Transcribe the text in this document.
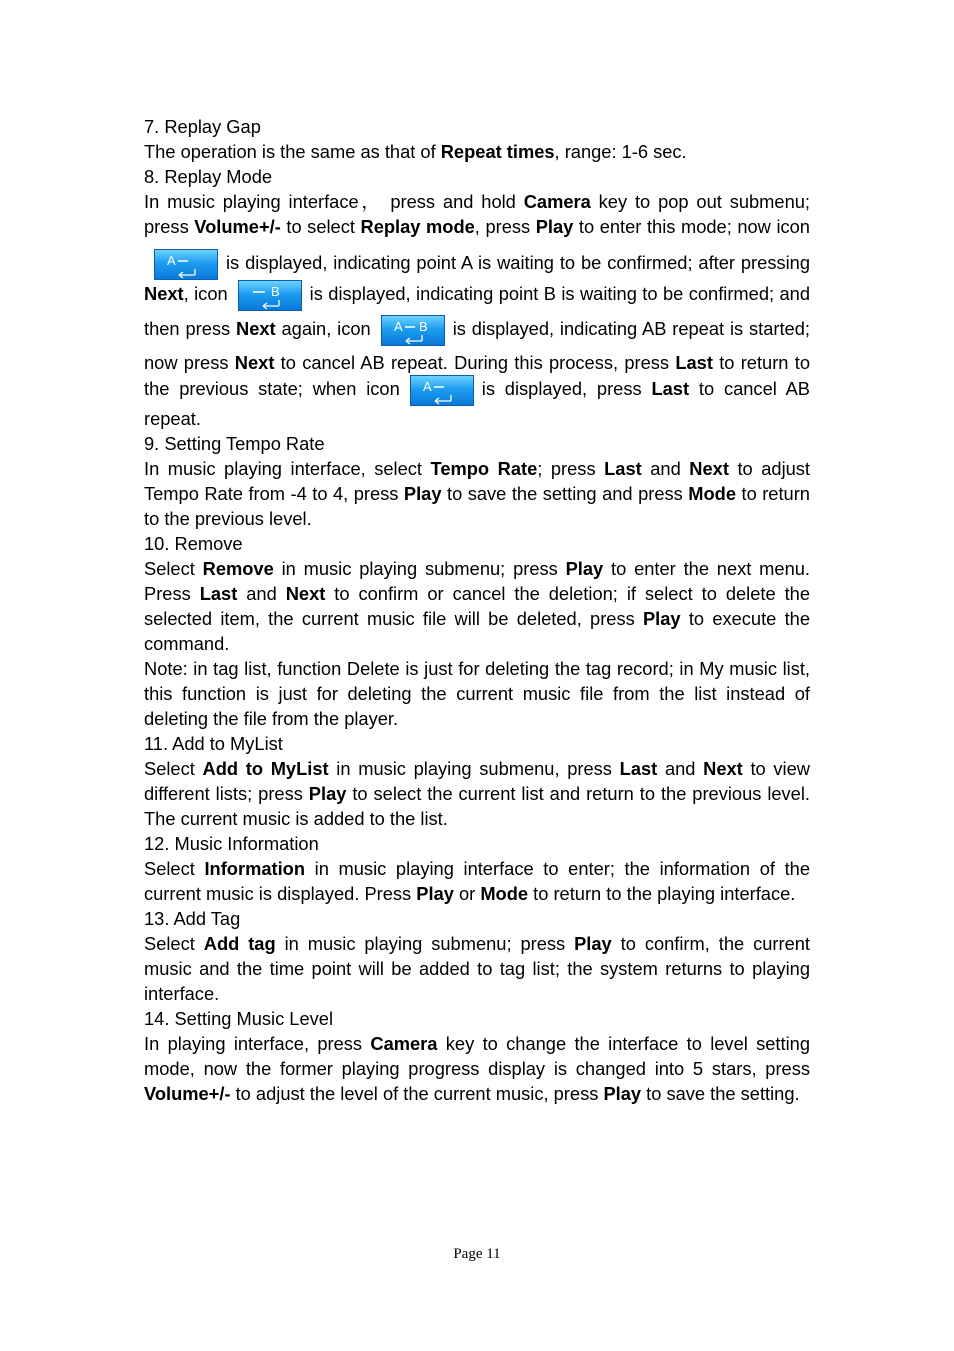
7. Replay Gap

The operation is the same as that of Repeat times, range: 1-6 sec.

8. Replay Mode

In music playing interface， press and hold Camera key to pop out submenu; press Volume+/- to select Replay mode, press Play to enter this mode; now icon
A	is displayed, indicating point A is waiting to be confirmed; after pressing Next, icon	B is displayed, indicating point B is waiting to be confirmed; and then press Next again, icon A B is displayed, indicating AB repeat is started; now press Next to cancel AB repeat. During this process, press Last to return to the previous state; when icon A	is displayed, press Last to cancel AB repeat.

9. Setting Tempo Rate

In music playing interface, select Tempo Rate; press Last and Next to adjust Tempo Rate from -4 to 4, press Play to save the setting and press Mode to return to the previous level.

10. Remove

Select Remove in music playing submenu; press Play to enter the next menu. Press Last and Next to confirm or cancel the deletion; if select to delete the selected item, the current music file will be deleted, press Play to execute the command.

Note: in tag list, function Delete is just for deleting the tag record; in My music list, this function is just for deleting the current music file from the list instead of deleting the file from the player.

11. Add to MyList

Select Add to MyList in music playing submenu, press Last and Next to view different lists; press Play to select the current list and return to the previous level. The current music is added to the list.

12. Music Information

Select Information in music playing interface to enter; the information of the current music is displayed. Press Play or Mode to return to the playing interface.

13. Add Tag

Select Add tag in music playing submenu; press Play to confirm, the current music and the time point will be added to tag list; the system returns to playing interface.

14. Setting Music Level

In playing interface, press Camera key to change the interface to level setting mode, now the former playing progress display is changed into 5 stars, press Volume+/- to adjust the level of the current music, press Play to save the setting.

Page 11
